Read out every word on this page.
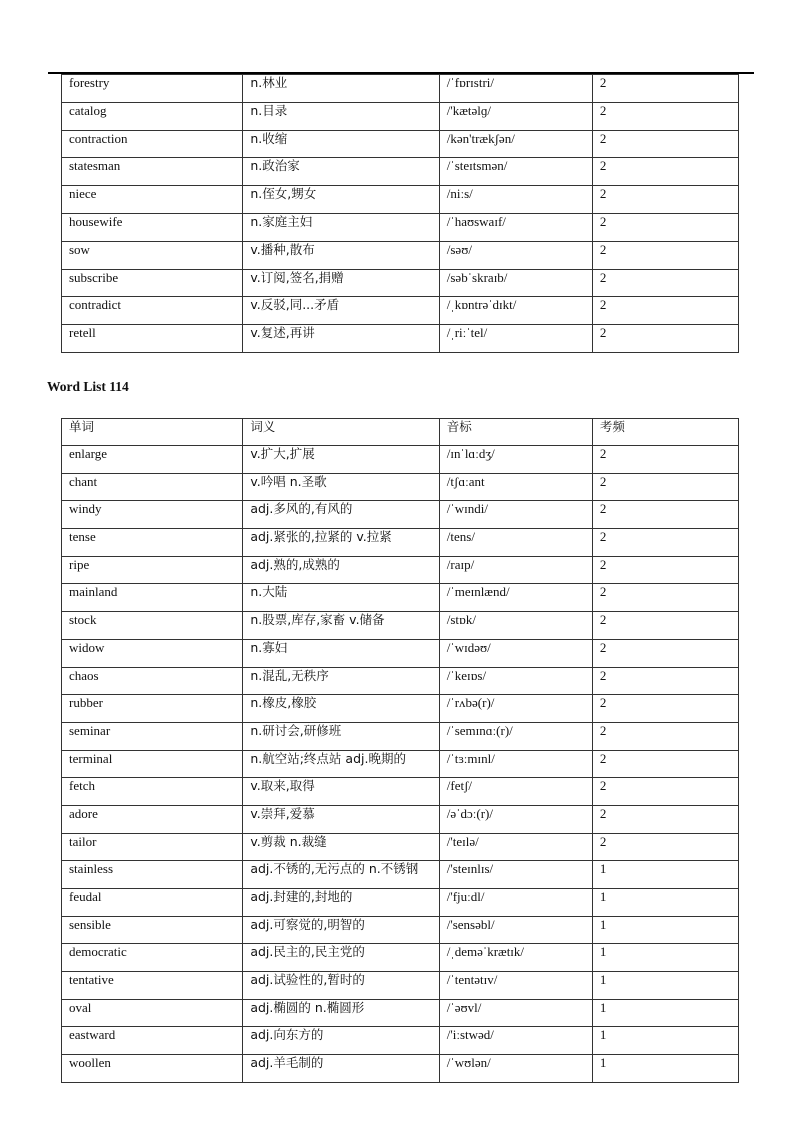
forestry	n.林业	/ˈfɒrɪstri/	2
catalog	n.目录	/'kætəlɡ/	2
contraction	n.收缩	/kən'trækʃən/	2
statesman	n.政治家	/ˈsteɪtsmən/	2
niece	n.侄女,甥女	/niːs/	2
housewife	n.家庭主妇	/ˈhaʊswaɪf/	2
sow	v.播种,散布	/səʊ/	2
subscribe	v.订阅,签名,捐赠	/səbˈskraɪb/	2
contradict	v.反驳,同...矛盾	/ˌkɒntrəˈdɪkt/	2
retell	v.复述,再讲	/ˌriːˈtel/	2
Word List 114
单词	词义	音标	考频
enlarge	v.扩大,扩展	/ɪnˈlɑːdʒ/	2
chant	v.吟唱 n.圣歌	/tʃɑːant	2
windy	adj.多风的,有风的	/ˈwɪndi/	2
tense	adj.紧张的,拉紧的 v.拉紧	/tens/	2
ripe	adj.熟的,成熟的	/raɪp/	2
mainland	n.大陆	/ˈmeɪnlænd/	2
stock	n.股票,库存,家畜 v.储备	/stɒk/	2
widow	n.寡妇	/ˈwɪdəʊ/	2
chaos	n.混乱,无秩序	/ˈkeɪɒs/	2
rubber	n.橡皮,橡胶	/ˈrʌbə(r)/	2
seminar	n.研讨会,研修班	/ˈsemɪnɑː(r)/	2
terminal	n.航空站;终点站 adj.晚期的	/ˈtɜːmɪnl/	2
fetch	v.取来,取得	/fetʃ/	2
adore	v.崇拜,爱慕	/əˈdɔː(r)/	2
tailor	v.剪裁 n.裁缝	/'teɪlə/	2
stainless	adj.不锈的,无污点的 n.不锈钢	/'steɪnlɪs/	1
feudal	adj.封建的,封地的	/'fjuːdl/	1
sensible	adj.可察觉的,明智的	/'sensəbl/	1
democratic	adj.民主的,民主党的	/ˌdeməˈkrætɪk/	1
tentative	adj.试验性的,暂时的	/ˈtentətɪv/	1
oval	adj.椭圆的 n.椭圆形	/ˈəʊvl/	1
eastward	adj.向东方的	/'iːstwəd/	1
woollen	adj.羊毛制的	/ˈwʊlən/	1
